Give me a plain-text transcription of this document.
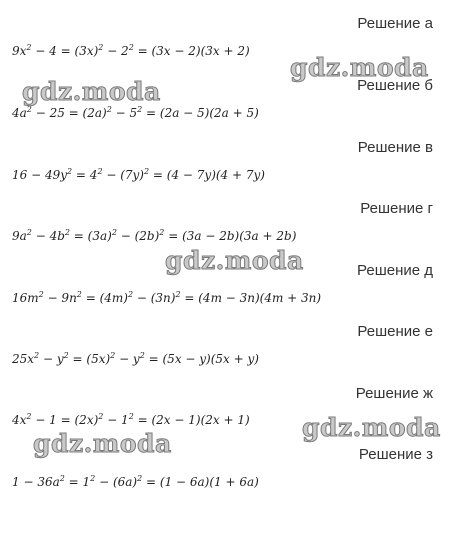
Решение а
$9x^2 - 4 = (3x)^2 - 2^2 = (3x - 2)(3x + 2)$
Решение б
$4a^2 - 25 = (2a)^2 - 5^2 = (2a - 5)(2a + 5)$
Решение в
$16 - 49y^2 = 4^2 - (7y)^2 = (4 - 7y)(4 + 7y)$
Решение г
$9a^2 - 4b^2 = (3a)^2 - (2b)^2 = (3a - 2b)(3a + 2b)$
Решение д
$16m^2 - 9n^2 = (4m)^2 - (3n)^2 = (4m - 3n)(4m + 3n)$
Решение е
$25x^2 - y^2 = (5x)^2 - y^2 = (5x - y)(5x + y)$
Решение ж
$4x^2 - 1 = (2x)^2 - 1^2 = (2x - 1)(2x + 1)$
Решение з
$1 - 36a^2 = 1^2 - (6a)^2 = (1 - 6a)(1 + 6a)$
gdz.moda
gdz.moda
gdz.moda
gdz.moda
gdz.moda
